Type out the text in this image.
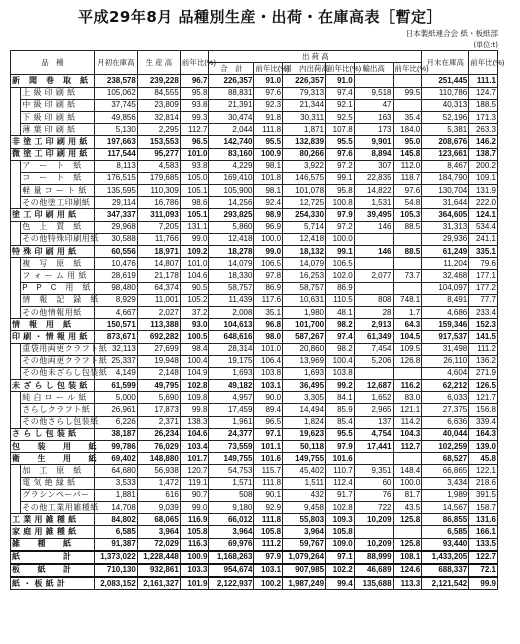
平成29年8月 品種別生産・出荷・在庫高表［暫定］
日本製紙連合会 紙・板紙部
(単位:t)
品　種		月初在庫高	生 産 高	前年比(%)	出 荷 高						月末在庫高	前年比(%)
					合　計	前年比(%)	国　内出荷高	前年比(%)	輸出高	前年比(%)		
新　聞　巻　取　紙		238,578	239,228	96.7	226,357	91.0	226,357	91.0			251,445	111.1
	上 級 印 刷 紙	105,062	84,555	95.8	88,831	97.6	79,313	97.4	9,518	99.5	110,786	124.7
	中 級 印 刷 紙	37,745	23,809	93.8	21,391	92.3	21,344	92.1	47		40,313	188.5
	下 級 印 刷 紙	49,856	32,814	99.3	30,474	91.8	30,311	92.5	163	35.4	52,196	171.3
	薄 葉 印 刷 紙	5,130	2,295	112.7	2,044	111.8	1,871	107.8	173	184.0	5,381	263.3
非 塗 工 印 刷 用 紙		197,663	153,553	96.5	142,740	95.5	132,839	95.5	9,901	95.0	208,676	146.2
微 塗 工 印 刷 用 紙		117,544	95,277	101.0	83,160	100.9	80,266	97.6	8,894	145.8	123,661	138.7
	ア　ー　ト　紙	8,113	4,583	93.8	4,229	98.1	3,922	97.2	307	112.0	8,467	200.2
	コ　ー　ト　紙	176,515	179,685	105.0	169,410	101.8	146,575	99.1	22,835	118.7	184,790	109.1
	軽 量 コ ー ト 紙	135,595	110,309	105.1	105,900	98.1	101,078	95.8	14,822	97.6	130,704	131.9
	その他塗工印刷紙	29,114	16,786	98.6	14,256	92.4	12,725	100.8	1,531	54.8	31,644	222.0
塗 工 印 刷 用 紙		347,337	311,093	105.1	293,825	98.9	254,330	97.9	39,495	105.3	364,605	124.1
	色　上　質　紙	29,968	7,205	131.1	5,860	96.9	5,714	97.2	146	88.5	31,313	534.4
	その他特殊印刷用紙	30,588	11,766	99.0	12,418	100.0	12,418	100.0			29,936	241.1
特 殊 印 刷 用 紙		60,556	18,971	109.2	18,278	99.0	18,132	99.1	146	88.5	61,249	335.1
	複　写　原　紙	10,476	14,807	101.0	14,079	106.5	14,079	106.5			11,204	79.6
	フ ォ ー ム 用 紙	28,619	21,178	104.6	18,330	97.8	16,253	102.0	2,077	73.7	32,468	177.1
	P　P　C　用　紙	98,480	64,374	90.5	58,757	86.9	58,757	86.9			104,097	177.2
	情　報　記　録　紙	8,929	11,001	105.2	11,439	117.6	10,631	110.5	808	748.1	8,491	77.7
	その他情報用紙	4,667	2,027	37.2	2,008	35.1	1,980	48.1	28	1.7	4,686	233.4
情　報　用　紙		150,571	113,388	93.0	104,613	96.8	101,700	98.2	2,913	64.3	159,346	152.3
印 刷 ・ 情 報 用 紙		873,671	692,282	100.5	648,616	98.0	587,267	97.4	61,349	104.5	917,537	141.5
	重袋用両更クラフト紙	32,113	27,699	98.4	28,314	101.0	20,860	98.2	7,454	109.5	31,498	111.2
	その他両更クラフト紙	25,337	19,948	100.4	19,175	106.4	13,969	100.4	5,206	126.8	26,110	136.2
	その他未ざらし包装紙	4,149	2,148	104.9	1,693	103.8	1,693	103.8			4,604	271.9
未 ざ ら し 包 装 紙		61,599	49,795	102.8	49,182	103.1	36,495	99.2	12,687	116.2	62,212	126.5
	純 白 ロ ー ル 紙	5,000	5,690	109.8	4,957	90.0	3,305	84.1	1,652	83.0	6,033	121.7
	さらしクラフト紙	26,961	17,873	99.8	17,459	89.4	14,494	85.9	2,965	121.1	27,375	156.8
	その他さらし包装紙	6,226	2,371	138.3	1,961	96.5	1,824	85.4	137	114.2	6,636	339.4
さ ら し 包 装 紙		38,187	26,234	104.6	24,377	97.1	19,623	95.5	4,754	104.3	40,044	164.3
包　　装　　用　　紙		99,786	76,029	103.4	73,559	101.1	50,118	97.9	17,441	112.7	102,259	139.0
衛　　生　　用　　紙		69,402	148,880	101.7	149,755	101.6	149,755	101.6			68,527	45.8
	加　工　原　紙	64,680	56,938	120.7	54,753	115.7	45,402	110.7	9,351	148.4	66,865	122.1
	電 気 絶 縁 紙	3,533	1,472	119.1	1,571	111.8	1,511	112.4	60	100.0	3,434	218.6
	グラシンペーパー	1,881	616	90.7	508	90.1	432	91.7	76	81.7	1,989	391.5
	その他工業用雑種紙	14,708	9,039	99.0	9,180	92.9	9,458	102.8	722	43.5	14,567	158.7
工 業 用 雑 種 紙		84,802	68,065	116.9	66,012	111.8	55,803	109.3	10,209	125.8	86,855	131.6
家 庭 用 雑 種 紙		6,585	3,964	105.8	3,964	105.8	3,964	105.8			6,585	166.1
雑　　種　　紙		91,387	72,029	116.3	69,976	111.2	59,767	109.0	10,209	125.8	93,440	133.5
紙　　　　　計		1,373,022	1,228,448	100.9	1,168,263	97.9	1,079,264	97.1	88,999	108.1	1,433,205	122.7
板　　紙　　計		710,130	932,861	103.3	954,674	103.1	907,985	102.2	46,689	124.6	688,337	72.1
紙 ・ 板 紙 計		2,083,152	2,161,327	101.9	2,122,937	100.2	1,987,249	99.4	135,688	113.3	2,121,542	99.9
